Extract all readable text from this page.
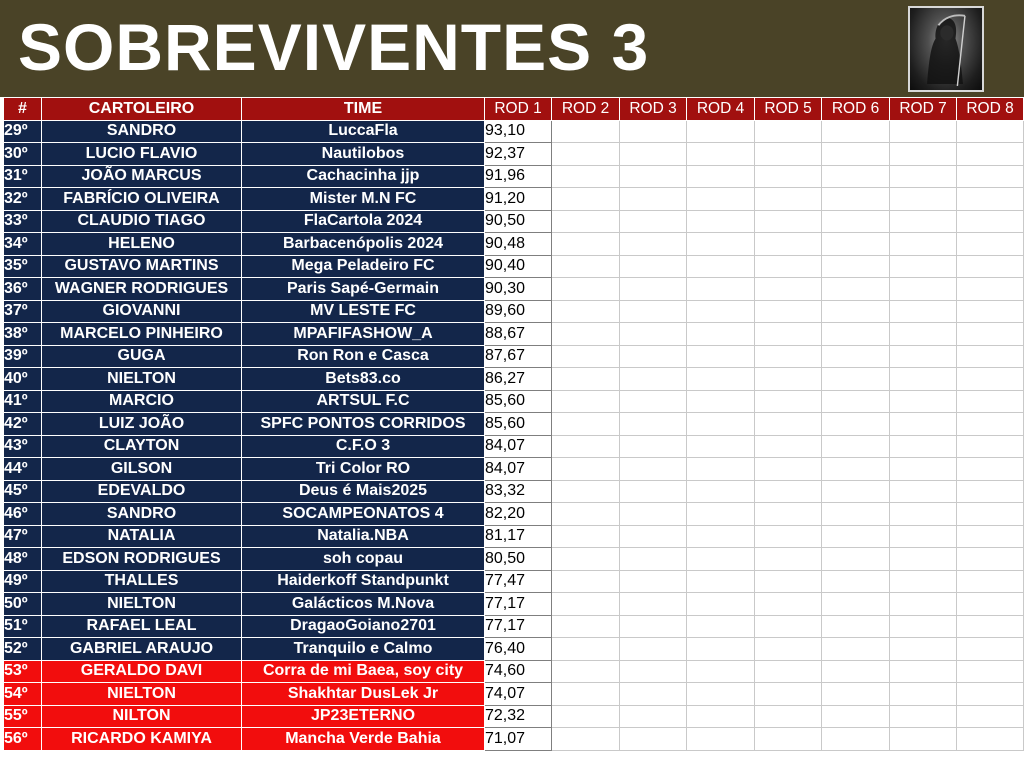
SOBREVIVENTES 3
#	CARTOLEIRO	TIME	ROD 1	ROD 2	ROD 3	ROD 4	ROD 5	ROD 6	ROD 7	ROD 8
29º	SANDRO	LuccaFla	93,10							
30º	LUCIO FLAVIO	Nautilobos	92,37							
31º	JOÃO MARCUS	Cachacinha jjp	91,96							
32º	FABRÍCIO OLIVEIRA	Mister M.N FC	91,20							
33º	CLAUDIO TIAGO	FlaCartola 2024	90,50							
34º	HELENO	Barbacenópolis 2024	90,48							
35º	GUSTAVO MARTINS	Mega Peladeiro FC	90,40							
36º	WAGNER RODRIGUES	Paris Sapé-Germain	90,30							
37º	GIOVANNI	MV LESTE FC	89,60							
38º	MARCELO PINHEIRO	MPAFIFASHOW_A	88,67							
39º	GUGA	Ron Ron e Casca	87,67							
40º	NIELTON	Bets83.co	86,27							
41º	MARCIO	ARTSUL F.C	85,60							
42º	LUIZ JOÃO	SPFC PONTOS CORRIDOS	85,60							
43º	CLAYTON	C.F.O 3	84,07							
44º	GILSON	Tri Color RO	84,07							
45º	EDEVALDO	Deus é Mais2025	83,32							
46º	SANDRO	SOCAMPEONATOS 4	82,20							
47º	NATALIA	Natalia.NBA	81,17							
48º	EDSON RODRIGUES	soh copau	80,50							
49º	THALLES	Haiderkoff Standpunkt	77,47							
50º	NIELTON	Galácticos M.Nova	77,17							
51º	RAFAEL LEAL	DragaoGoiano2701	77,17							
52º	GABRIEL ARAUJO	Tranquilo e Calmo	76,40							
53º	GERALDO DAVI	Corra de mi Baea, soy city	74,60							
54º	NIELTON	Shakhtar DusLek Jr	74,07							
55º	NILTON	JP23ETERNO	72,32							
56º	RICARDO KAMIYA	Mancha Verde Bahia	71,07							
